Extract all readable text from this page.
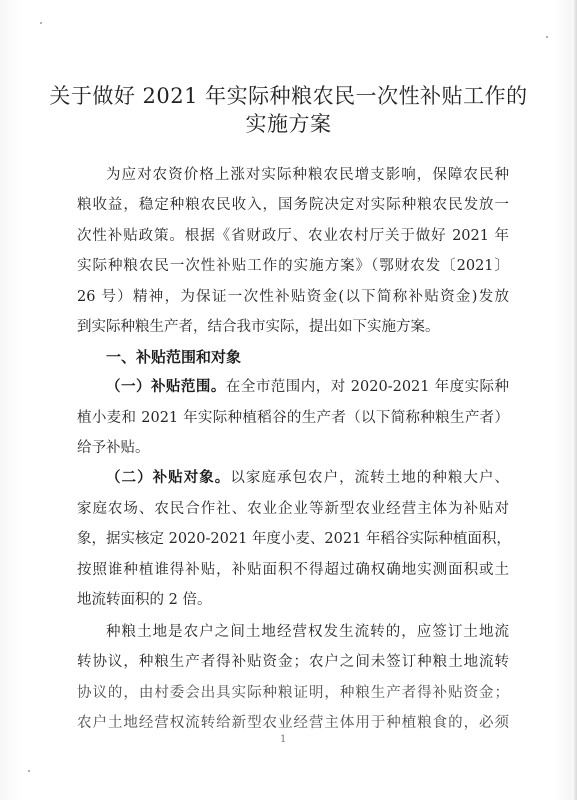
关于做好 2021 年实际种粮农民一次性补贴工作的
实施方案
为应对农资价格上涨对实际种粮农民增支影响，保障农民种
粮收益，稳定种粮农民收入，国务院决定对实际种粮农民发放一
次性补贴政策。根据《省财政厅、农业农村厅关于做好 2021 年
实际种粮农民一次性补贴工作的实施方案》（鄂财农发〔2021〕
26 号）精神，为保证一次性补贴资金(以下简称补贴资金)发放
到实际种粮生产者，结合我市实际，提出如下实施方案。
一、补贴范围和对象
（一）补贴范围。在全市范围内，对 2020-2021 年度实际种
植小麦和 2021 年实际种植稻谷的生产者（以下简称种粮生产者）
给予补贴。
（二）补贴对象。以家庭承包农户，流转土地的种粮大户、
家庭农场、农民合作社、农业企业等新型农业经营主体为补贴对
象，据实核定 2020-2021 年度小麦、2021 年稻谷实际种植面积，
按照谁种植谁得补贴，补贴面积不得超过确权确地实测面积或土
地流转面积的 2 倍。
种粮土地是农户之间土地经营权发生流转的，应签订土地流
转协议，种粮生产者得补贴资金；农户之间未签订种粮土地流转
协议的，由村委会出具实际种粮证明，种粮生产者得补贴资金；
农户土地经营权流转给新型农业经营主体用于种植粮食的，必须
1
